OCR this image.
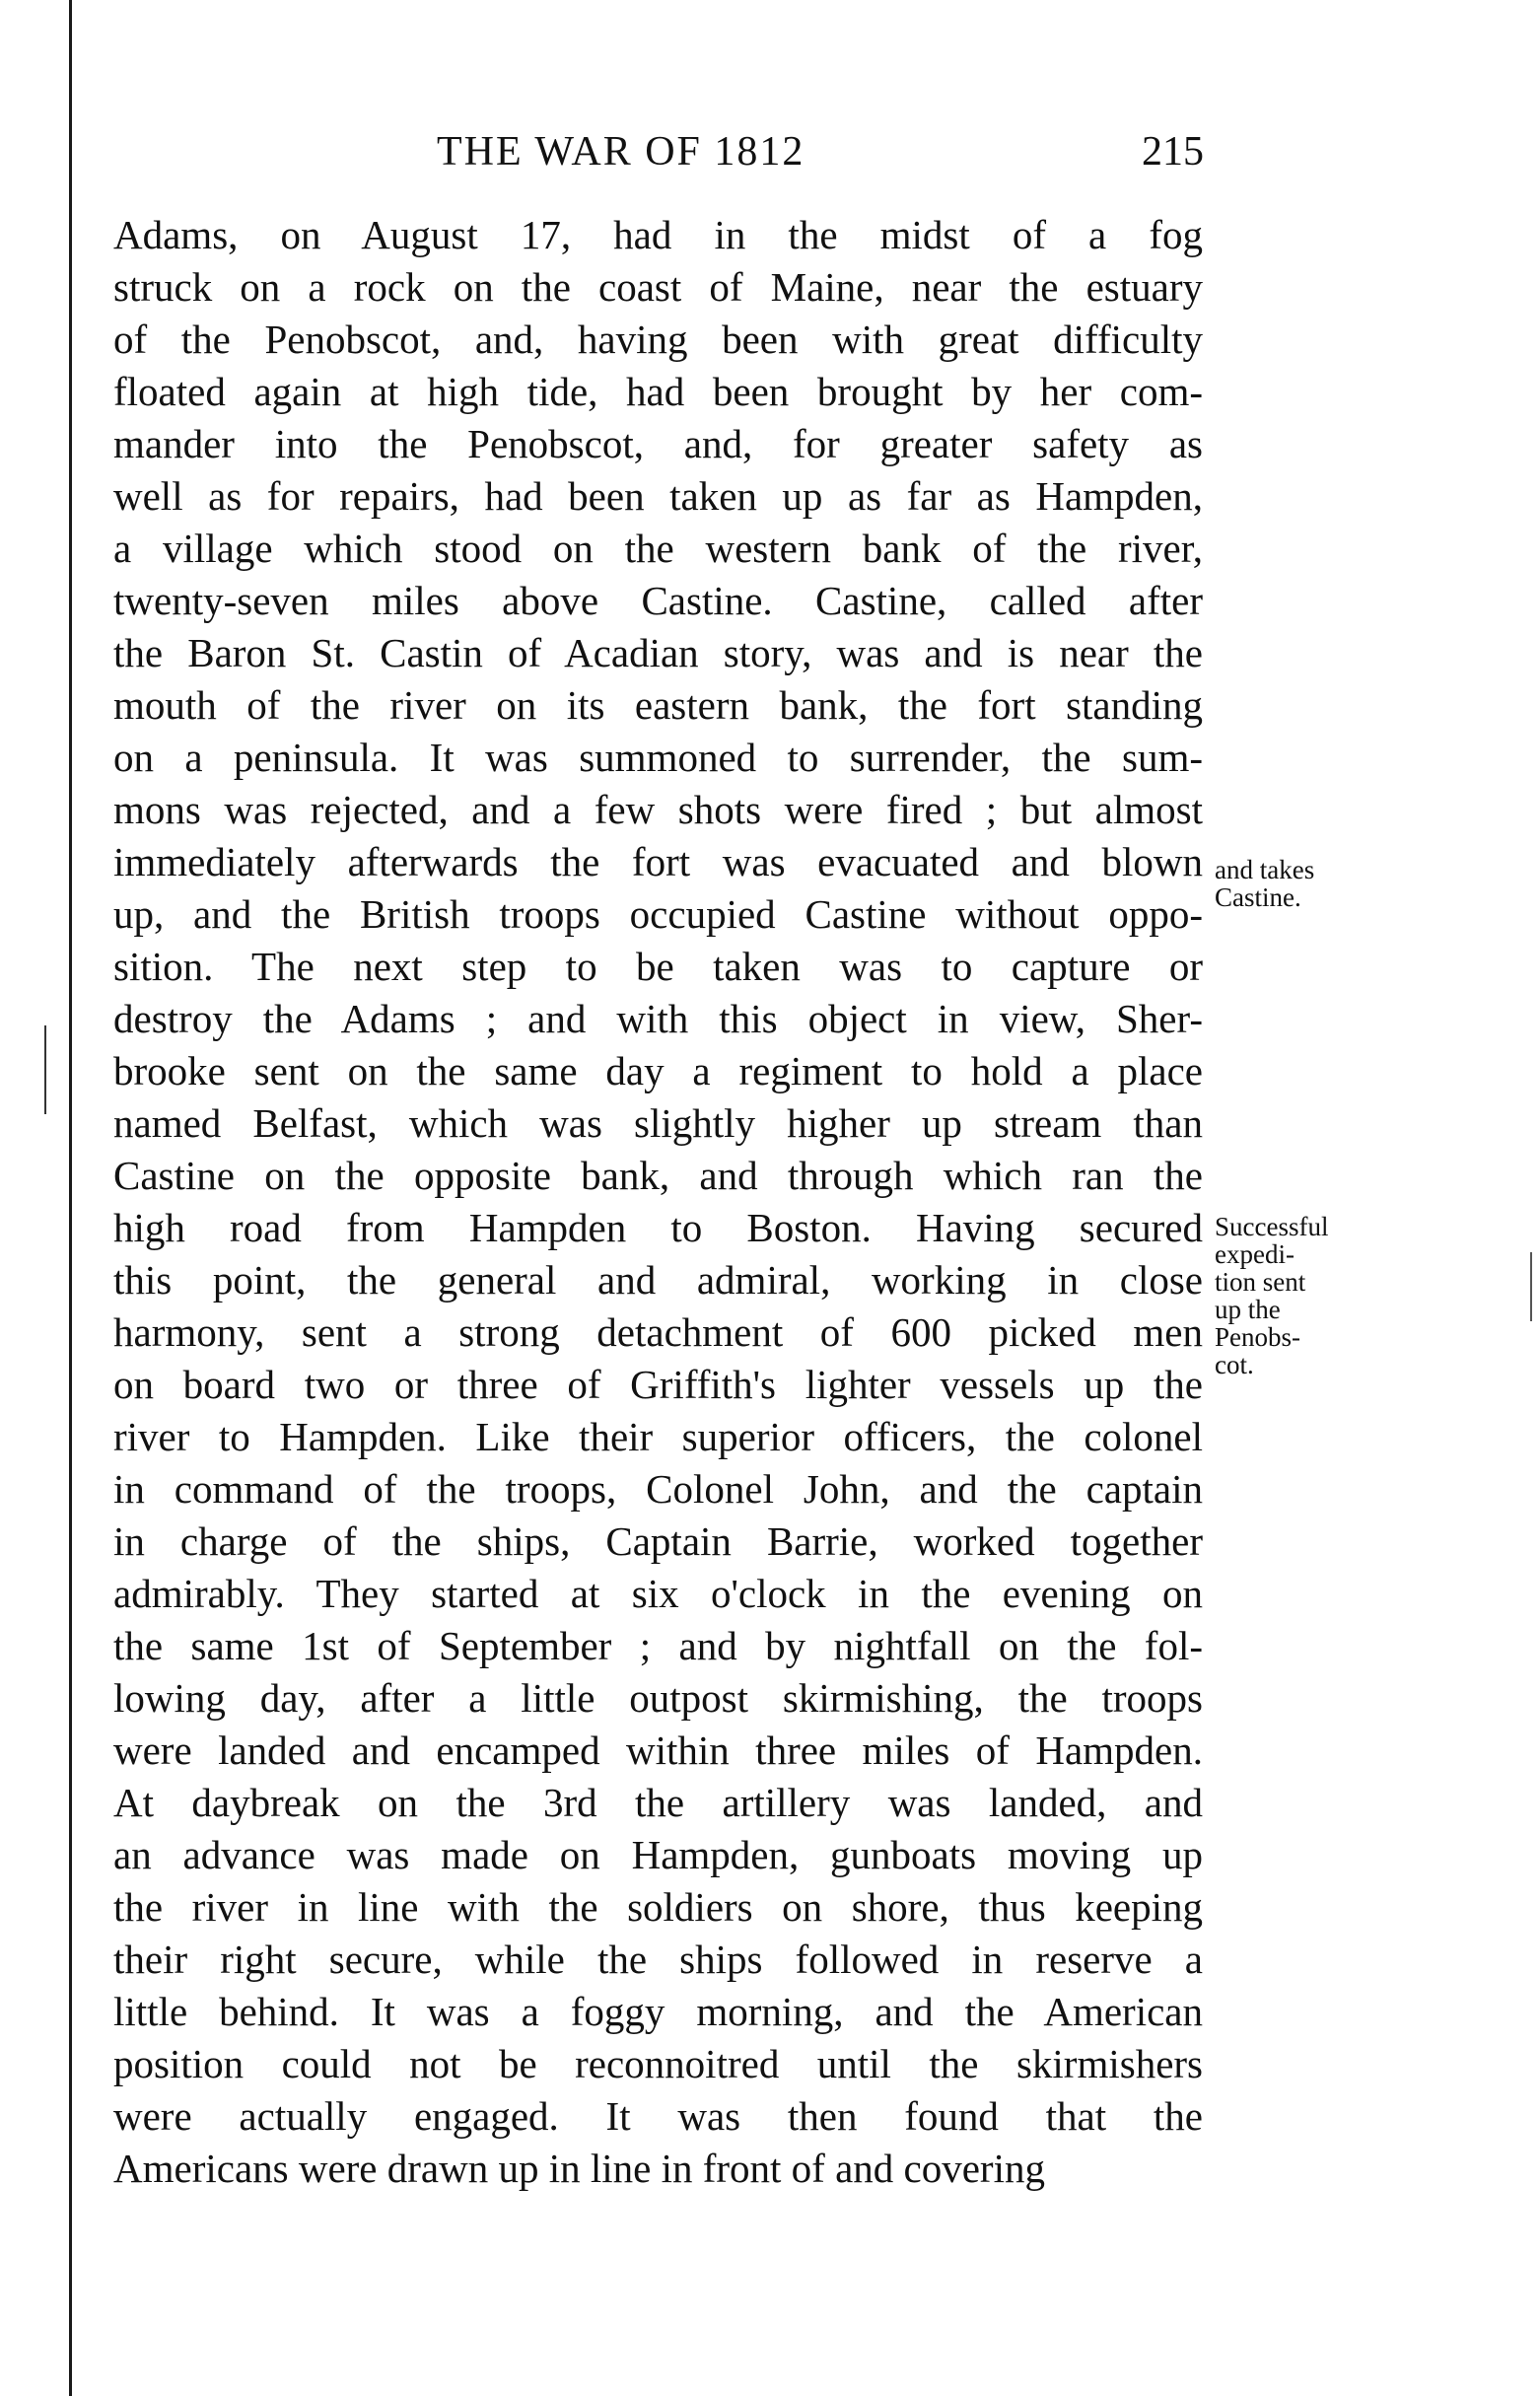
THE WAR OF 1812	215
Adams, on August 17, had in the midst of a fog
struck on a rock on the coast of Maine, near the estuary
of the Penobscot, and, having been with great difficulty
floated again at high tide, had been brought by her com-
mander into the Penobscot, and, for greater safety as
well as for repairs, had been taken up as far as Hampden,
a village which stood on the western bank of the river,
twenty-seven miles above Castine. Castine, called after
the Baron St. Castin of Acadian story, was and is near the
mouth of the river on its eastern bank, the fort standing
on a peninsula. It was summoned to surrender, the sum-
mons was rejected, and a few shots were fired ; but almost
immediately afterwards the fort was evacuated and blown
up, and the British troops occupied Castine without oppo-
sition. The next step to be taken was to capture or
destroy the Adams ; and with this object in view, Sher-
brooke sent on the same day a regiment to hold a place
named Belfast, which was slightly higher up stream than
Castine on the opposite bank, and through which ran the
high road from Hampden to Boston. Having secured
this point, the general and admiral, working in close
harmony, sent a strong detachment of 600 picked men
on board two or three of Griffith's lighter vessels up the
river to Hampden. Like their superior officers, the colonel
in command of the troops, Colonel John, and the captain
in charge of the ships, Captain Barrie, worked together
admirably. They started at six o'clock in the evening on
the same 1st of September ; and by nightfall on the fol-
lowing day, after a little outpost skirmishing, the troops
were landed and encamped within three miles of Hampden.
At daybreak on the 3rd the artillery was landed, and
an advance was made on Hampden, gunboats moving up
the river in line with the soldiers on shore, thus keeping
their right secure, while the ships followed in reserve a
little behind. It was a foggy morning, and the American
position could not be reconnoitred until the skirmishers
were actually engaged. It was then found that the
Americans were drawn up in line in front of and covering
and takes
Castine.
Successful
expedi-
tion sent
up the
Penobs-
cot.
